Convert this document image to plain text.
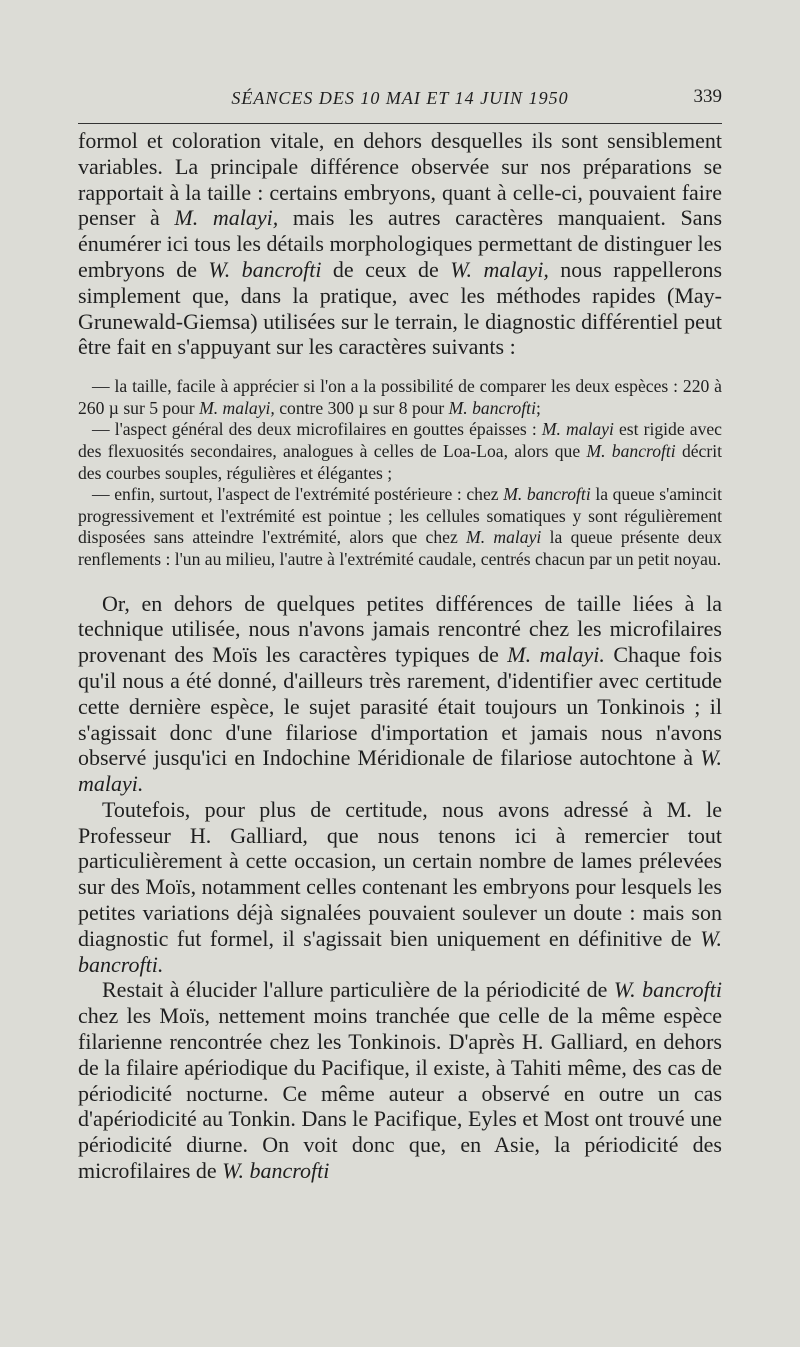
SÉANCES DES 10 MAI ET 14 JUIN 1950	339

formol et coloration vitale, en dehors desquelles ils sont sensiblement variables. La principale différence observée sur nos préparations se rapportait à la taille : certains embryons, quant à celle-ci, pouvaient faire penser à M. malayi, mais les autres caractères manquaient. Sans énumérer ici tous les détails morphologiques permettant de distinguer les embryons de W. bancrofti de ceux de W. malayi, nous rappellerons simplement que, dans la pratique, avec les méthodes rapides (May-Grunewald-Giemsa) utilisées sur le terrain, le diagnostic différentiel peut être fait en s'appuyant sur les caractères suivants :

— la taille, facile à apprécier si l'on a la possibilité de comparer les deux espèces : 220 à 260 µ sur 5 pour M. malayi, contre 300 µ sur 8 pour M. bancrofti;

— l'aspect général des deux microfilaires en gouttes épaisses : M. malayi est rigide avec des flexuosités secondaires, analogues à celles de Loa-Loa, alors que M. bancrofti décrit des courbes souples, régulières et élégantes ;

— enfin, surtout, l'aspect de l'extrémité postérieure : chez M. bancrofti la queue s'amincit progressivement et l'extrémité est pointue ; les cellules somatiques y sont régulièrement disposées sans atteindre l'extrémité, alors que chez M. malayi la queue présente deux renflements : l'un au milieu, l'autre à l'extrémité caudale, centrés chacun par un petit noyau.

Or, en dehors de quelques petites différences de taille liées à la technique utilisée, nous n'avons jamais rencontré chez les microfilaires provenant des Moïs les caractères typiques de M. malayi. Chaque fois qu'il nous a été donné, d'ailleurs très rarement, d'identifier avec certitude cette dernière espèce, le sujet parasité était toujours un Tonkinois ; il s'agissait donc d'une filariose d'importation et jamais nous n'avons observé jusqu'ici en Indochine Méridionale de filariose autochtone à W. malayi.

Toutefois, pour plus de certitude, nous avons adressé à M. le Professeur H. Galliard, que nous tenons ici à remercier tout particulièrement à cette occasion, un certain nombre de lames prélevées sur des Moïs, notamment celles contenant les embryons pour lesquels les petites variations déjà signalées pouvaient soulever un doute : mais son diagnostic fut formel, il s'agissait bien uniquement en définitive de W. bancrofti.

Restait à élucider l'allure particulière de la périodicité de W. bancrofti chez les Moïs, nettement moins tranchée que celle de la même espèce filarienne rencontrée chez les Tonkinois. D'après H. Galliard, en dehors de la filaire apériodique du Pacifique, il existe, à Tahiti même, des cas de périodicité nocturne. Ce même auteur a observé en outre un cas d'apériodicité au Tonkin. Dans le Pacifique, Eyles et Most ont trouvé une périodicité diurne. On voit donc que, en Asie, la périodicité des microfilaires de W. bancrofti
